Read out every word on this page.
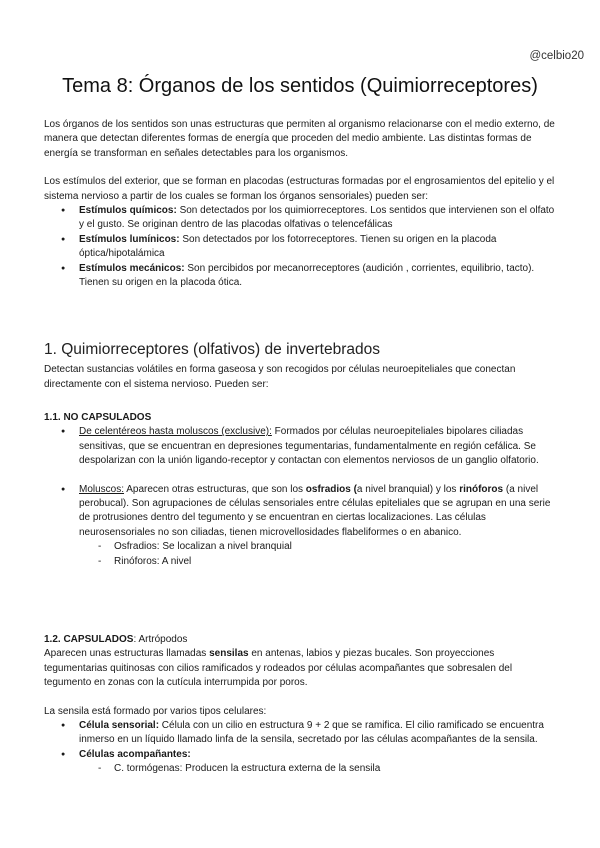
@celbio20
Tema 8: Órganos de los sentidos (Quimiorreceptores)

Los órganos de los sentidos son unas estructuras que permiten al organismo relacionarse con el medio externo, de manera que detectan diferentes formas de energía que proceden del medio ambiente. Las distintas formas de energía se transforman en señales detectables para los organismos.

Los estímulos del exterior, que se forman en placodas (estructuras formadas por el engrosamientos del epitelio y el sistema nervioso a partir de los cuales se forman los órganos sensoriales) pueden ser:

● Estímulos químicos: Son detectados por los quimiorreceptores. Los sentidos que intervienen son el olfato y el gusto. Se originan dentro de las placodas olfativas o telencefálicas
● Estímulos lumínicos: Son detectados por los fotorreceptores. Tienen su origen en la placoda óptica/hipotalámica
● Estímulos mecánicos: Son percibidos por mecanorreceptores (audición , corrientes, equilibrio, tacto). Tienen su origen en la placoda ótica.
1. Quimiorreceptores (olfativos) de invertebrados

Detectan sustancias volátiles en forma gaseosa y son recogidos por células neuroepiteliales que conectan directamente con el sistema nervioso. Pueden ser:

1.1. NO CAPSULADOS

● De celentéreos hasta moluscos (exclusive): Formados por células neuroepiteliales bipolares ciliadas sensitivas, que se encuentran en depresiones tegumentarias, fundamentalmente en región cefálica. Se despolarizan con la unión ligando-receptor y contactan con elementos nerviosos de un ganglio olfatorio.
● Moluscos: Aparecen otras estructuras, que son los osfradios (a nivel branquial) y los rinóforos (a nivel perobucal). Son agrupaciones de células sensoriales entre células epiteliales que se agrupan en una serie de protrusiones dentro del tegumento y se encuentran en ciertas localizaciones. Las células neurosensoriales no son ciliadas, tienen microvellosidades flabeliformes o en abanico.
- Osfradios: Se localizan a nivel branquial
- Rinóforos: A nivel

1.2. CAPSULADOS: Artrópodos

Aparecen unas estructuras llamadas sensilas en antenas, labios y piezas bucales. Son proyecciones tegumentarias quitinosas con cilios ramificados y rodeados por células acompañantes que sobresalen del tegumento en zonas con la cutícula interrumpida por poros.

La sensila está formado por varios tipos celulares:

● Célula sensorial: Célula con un cilio en estructura 9 + 2 que se ramifica. El cilio ramificado se encuentra inmerso en un líquido llamado linfa de la sensila, secretado por las células acompañantes de la sensila.
● Células acompañantes:
- C. tormógenas: Producen la estructura externa de la sensila
